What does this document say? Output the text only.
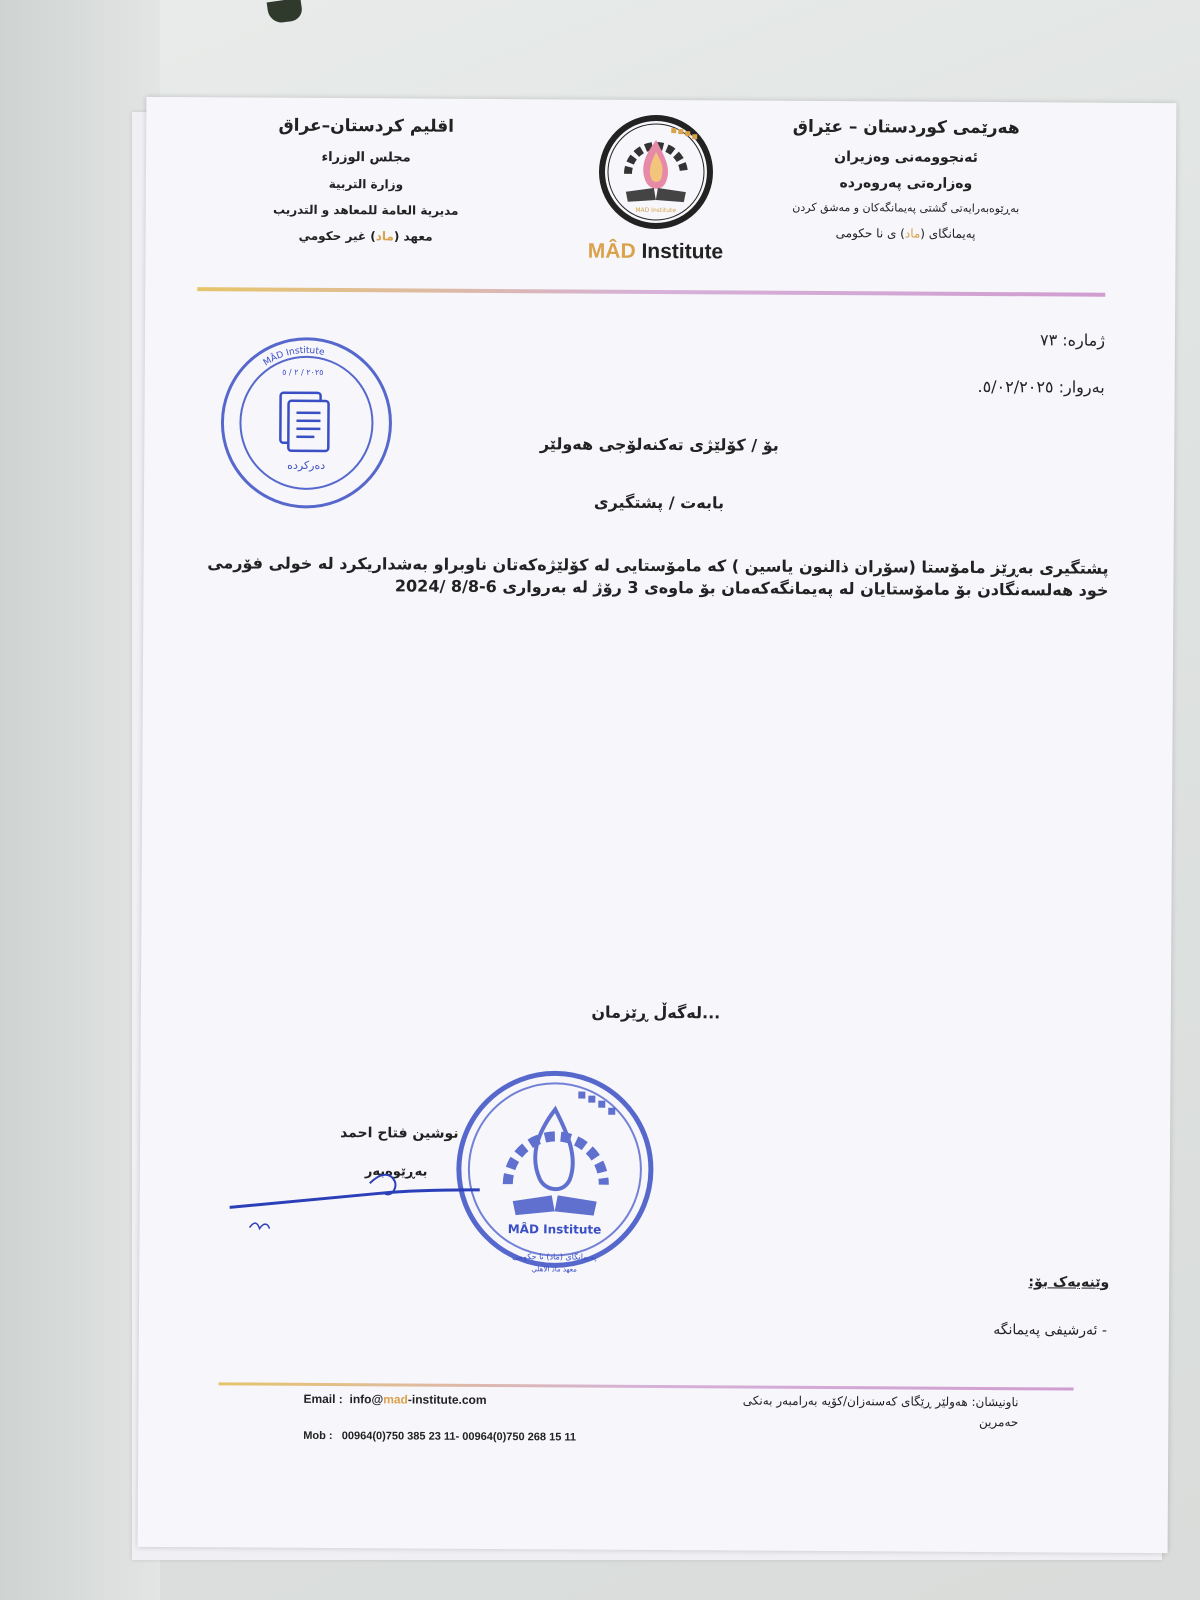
هەرێمی کوردستان – عێراق
ئەنجوومەنی وەزیران
وەزارەتی پەروەردە
بەڕێوەبەرایەتی گشتی پەیمانگەکان و مەشق کردن
پەیمانگای (ماد) ی نا حکومی
MAD Institute
MÂD Institute
اقليم كردستان–عراق
مجلس الوزراء
وزارة التربية
مديرية العامة للمعاهد و التدريب
معهد (ماد) غير حكومي
ژمارە: ٧٣
بەروار: ٥/٠٢/٢٠٢٥.
MÂD Institute
٢٠٢٥ / ٢ / ٥
دەرکردە
بۆ / كۆلێژی تەكنەلۆجی هەولێر
بابەت / پشتگیری
پشتگیری بەڕێز مامۆستا (سۆران ذالنون یاسین ) کە مامۆستایی لە كۆلێژەكەتان ناوبراو بەشداریكرد لە خولی فۆرمی خود هەلسەنگادن بۆ مامۆستایان لە پەیمانگەكەمان بۆ ماوەی 3 رۆژ لە بەرواری 6-8/8 /2024
...لەگەڵ ڕێزمان
MÂD Institute
پەیمانگای (ماد) نا حکومی
معهد ماد الاهلي
نوشین فتاح احمد
بەڕێوەبەر
وێنەیەک بۆ:
- ئەرشیفی پەیمانگە
ناونیشان: هەولێر ڕێگای کەسنەزان/کۆیە بەرامبەر بەنکی
حەمرین
Email : info@mad-institute.com
Mob : 00964(0)750 385 23 11- 00964(0)750 268 15 11
